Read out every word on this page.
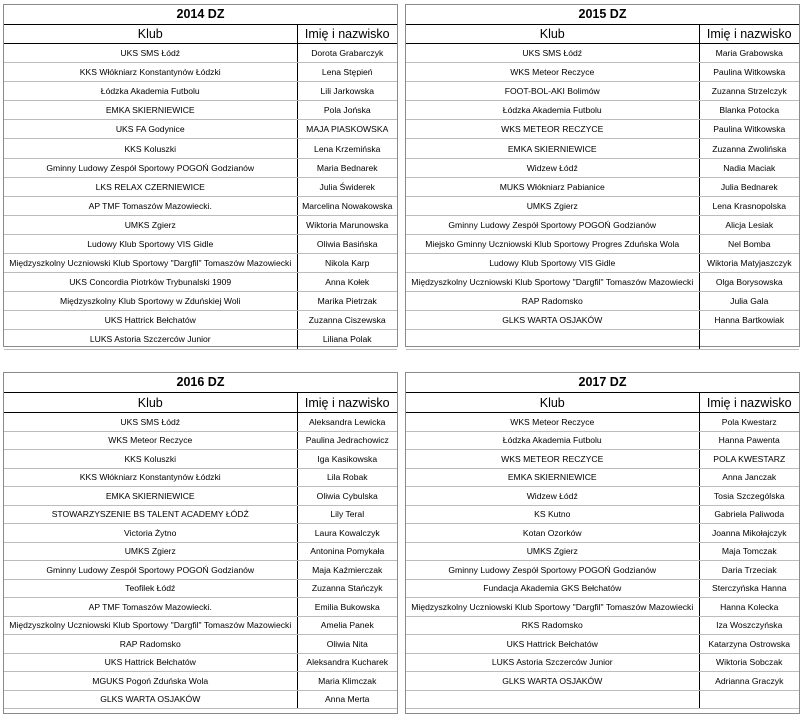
2014 DZ
Klub	Imię i nazwisko
UKS SMS Łódź	Dorota Grabarczyk
KKS Włókniarz Konstantynów Łódzki	Lena Stępień
Łódzka Akademia Futbolu	Lili Jarkowska
EMKA SKIERNIEWICE	Pola Jońska
UKS FA Godynice	MAJA PIASKOWSKA
KKS Koluszki	Lena Krzemińska
Gminny Ludowy Zespół Sportowy POGOŃ Godzianów	Maria Bednarek
LKS RELAX CZERNIEWICE	Julia Świderek
AP TMF Tomaszów Mazowiecki.	Marcelina Nowakowska
UMKS Zgierz	Wiktoria Marunowska
Ludowy Klub Sportowy VIS Gidle	Oliwia Basińska
Międzyszkolny Uczniowski Klub Sportowy "Dargfil" Tomaszów Mazowiecki	Nikola Karp
UKS Concordia Piotrków Trybunalski 1909	Anna Kołek
Międzyszkolny Klub Sportowy w Zduńskiej Woli	Marika Pietrzak
UKS Hattrick Bełchatów	Zuzanna Ciszewska
LUKS Astoria Szczerców Junior	Liliana Polak
2015 DZ
Klub	Imię i nazwisko
UKS SMS Łódź	Maria Grabowska
WKS Meteor Reczyce	Paulina Witkowska
FOOT-BOL-AKI Bolimów	Zuzanna Strzelczyk
Łódzka Akademia Futbolu	Blanka Potocka
WKS METEOR RECZYCE	Paulina Witkowska
EMKA SKIERNIEWICE	Zuzanna Zwolińska
Widzew Łódź	Nadia Maciak
MUKS Włókniarz Pabianice	Julia Bednarek
UMKS Zgierz	Lena Krasnopolska
Gminny Ludowy Zespół Sportowy POGOŃ Godzianów	Alicja Lesiak
Miejsko Gminny Uczniowski Klub Sportowy Progres Zduńska Wola	Nel Bomba
Ludowy Klub Sportowy VIS Gidle	Wiktoria Matyjaszczyk
Międzyszkolny Uczniowski Klub Sportowy "Dargfil" Tomaszów Mazowiecki	Olga Borysowska
RAP Radomsko	Julia Gala
GLKS WARTA OSJAKÓW	Hanna Bartkowiak

2016 DZ
Klub	Imię i nazwisko
UKS SMS Łódź	Aleksandra Lewicka
WKS Meteor Reczyce	Paulina Jedrachowicz
KKS Koluszki	Iga Kasikowska
KKS Włókniarz Konstantynów Łódzki	Lila Robak
EMKA SKIERNIEWICE	Oliwia Cybulska
STOWARZYSZENIE BS TALENT ACADEMY ŁÓDŹ	Lily Teral
Victoria Żytno	Laura Kowalczyk
UMKS Zgierz	Antonina Pomykała
Gminny Ludowy Zespół Sportowy POGOŃ Godzianów	Maja Kaźmierczak
Teofilek Łódź	Zuzanna Stańczyk
AP TMF Tomaszów Mazowiecki.	Emilia Bukowska
Międzyszkolny Uczniowski Klub Sportowy "Dargfil" Tomaszów Mazowiecki	Amelia Panek
RAP Radomsko	Oliwia Nita
UKS Hattrick Bełchatów	Aleksandra Kucharek
MGUKS Pogoń Zduńska Wola	Maria Klimczak
GLKS WARTA OSJAKÓW	Anna Merta
2017 DZ
Klub	Imię i nazwisko
WKS Meteor Reczyce	Pola Kwestarz
Łódzka Akademia Futbolu	Hanna Pawenta
WKS METEOR RECZYCE	POLA KWESTARZ
EMKA SKIERNIEWICE	Anna Janczak
Widzew Łódź	Tosia Szczególska
KS Kutno	Gabriela Paliwoda
Kotan Ozorków	Joanna Mikołajczyk
UMKS Zgierz	Maja Tomczak
Gminny Ludowy Zespół Sportowy POGOŃ Godzianów	Daria Trzeciak
Fundacja Akademia GKS Bełchatów	Sterczyńska Hanna
Międzyszkolny Uczniowski Klub Sportowy "Dargfil" Tomaszów Mazowiecki	Hanna Kolecka
RKS Radomsko	Iza Woszczyńska
UKS Hattrick Bełchatów	Katarzyna Ostrowska
LUKS Astoria Szczerców Junior	Wiktoria Sobczak
GLKS WARTA OSJAKÓW	Adrianna Graczyk
